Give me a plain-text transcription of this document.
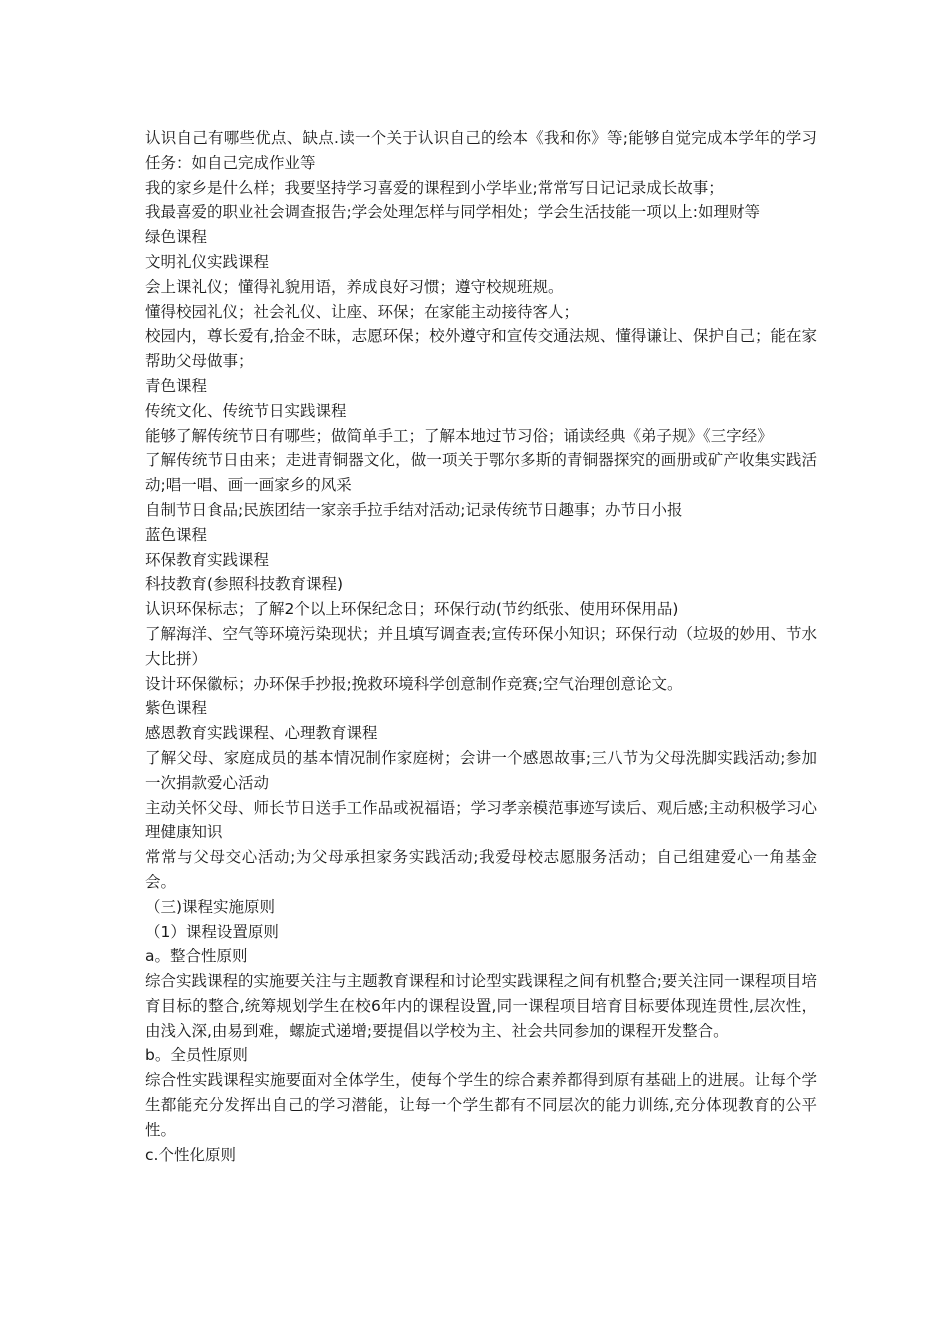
认识自己有哪些优点、缺点.读一个关于认识自己的绘本《我和你》等;能够自觉完成本学年的学习任务：如自己完成作业等

我的家乡是什么样；我要坚持学习喜爱的课程到小学毕业;常常写日记记录成长故事；

我最喜爱的职业社会调查报告;学会处理怎样与同学相处；学会生活技能一项以上:如理财等

绿色课程

文明礼仪实践课程

会上课礼仪；懂得礼貌用语，养成良好习惯；遵守校规班规。

懂得校园礼仪；社会礼仪、让座、环保；在家能主动接待客人；

校园内，尊长爱有,拾金不昧，志愿环保；校外遵守和宣传交通法规、懂得谦让、保护自己；能在家帮助父母做事；

青色课程

传统文化、传统节日实践课程

能够了解传统节日有哪些；做简单手工；了解本地过节习俗；诵读经典《弟子规》《三字经》

了解传统节日由来；走进青铜器文化，做一项关于鄂尔多斯的青铜器探究的画册或矿产收集实践活动;唱一唱、画一画家乡的风采

自制节日食品;民族团结一家亲手拉手结对活动;记录传统节日趣事；办节日小报

蓝色课程

环保教育实践课程

科技教育(参照科技教育课程)

认识环保标志；了解2个以上环保纪念日；环保行动(节约纸张、使用环保用品)

了解海洋、空气等环境污染现状；并且填写调查表;宣传环保小知识；环保行动（垃圾的妙用、节水大比拼）

设计环保徽标；办环保手抄报;挽救环境科学创意制作竞赛;空气治理创意论文。

紫色课程

感恩教育实践课程、心理教育课程

了解父母、家庭成员的基本情况制作家庭树；会讲一个感恩故事;三八节为父母洗脚实践活动;参加一次捐款爱心活动

主动关怀父母、师长节日送手工作品或祝福语；学习孝亲模范事迹写读后、观后感;主动积极学习心理健康知识

常常与父母交心活动;为父母承担家务实践活动;我爱母校志愿服务活动；自己组建爱心一角基金会。

（三)课程实施原则

（1）课程设置原则

a。整合性原则

综合实践课程的实施要关注与主题教育课程和讨论型实践课程之间有机整合;要关注同一课程项目培育目标的整合,统筹规划学生在校6年内的课程设置,同一课程项目培育目标要体现连贯性,层次性，由浅入深,由易到难，螺旋式递增;要提倡以学校为主、社会共同参加的课程开发整合。

b。全员性原则

综合性实践课程实施要面对全体学生，使每个学生的综合素养都得到原有基础上的进展。让每个学生都能充分发挥出自己的学习潜能，让每一个学生都有不同层次的能力训练,充分体现教育的公平性。

c.个性化原则
